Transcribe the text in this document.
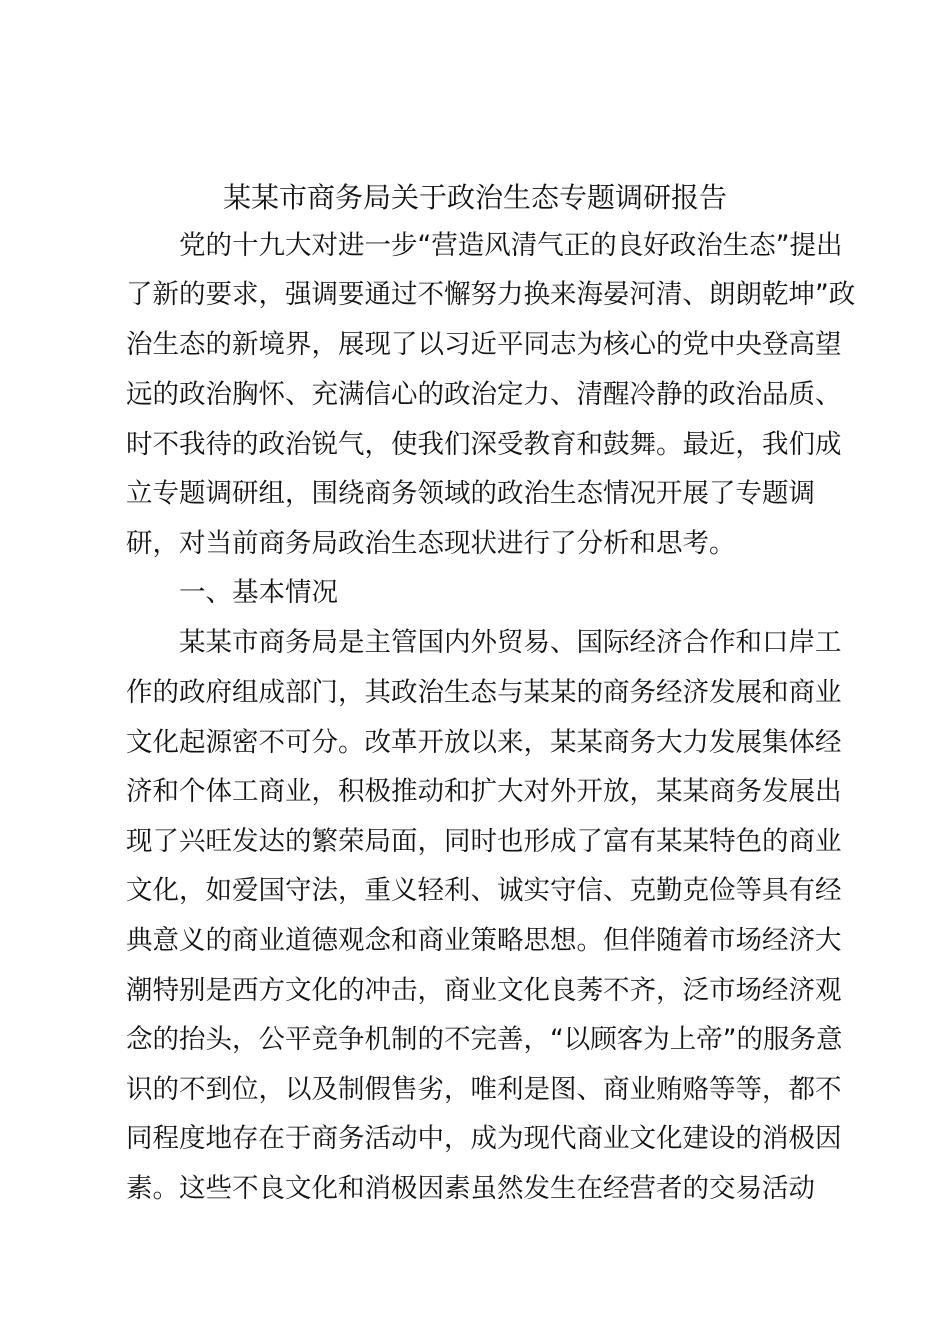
某某市商务局关于政治生态专题调研报告
党的十九大对进一步“营造风清气正的良好政治生态”提出
了新的要求，强调要通过不懈努力换来海晏河清、朗朗乾坤”政
治生态的新境界，展现了以习近平同志为核心的党中央登高望
远的政治胸怀、充满信心的政治定力、清醒冷静的政治品质、
时不我待的政治锐气，使我们深受教育和鼓舞。最近，我们成
立专题调研组，围绕商务领域的政治生态情况开展了专题调
研，对当前商务局政治生态现状进行了分析和思考。
一、基本情况
某某市商务局是主管国内外贸易、国际经济合作和口岸工
作的政府组成部门，其政治生态与某某的商务经济发展和商业
文化起源密不可分。改革开放以来，某某商务大力发展集体经
济和个体工商业，积极推动和扩大对外开放，某某商务发展出
现了兴旺发达的繁荣局面，同时也形成了富有某某特色的商业
文化，如爱国守法，重义轻利、诚实守信、克勤克俭等具有经
典意义的商业道德观念和商业策略思想。但伴随着市场经济大
潮特别是西方文化的冲击，商业文化良莠不齐，泛市场经济观
念的抬头，公平竞争机制的不完善，“以顾客为上帝”的服务意
识的不到位，以及制假售劣，唯利是图、商业贿赂等等，都不
同程度地存在于商务活动中，成为现代商业文化建设的消极因
素。这些不良文化和消极因素虽然发生在经营者的交易活动
